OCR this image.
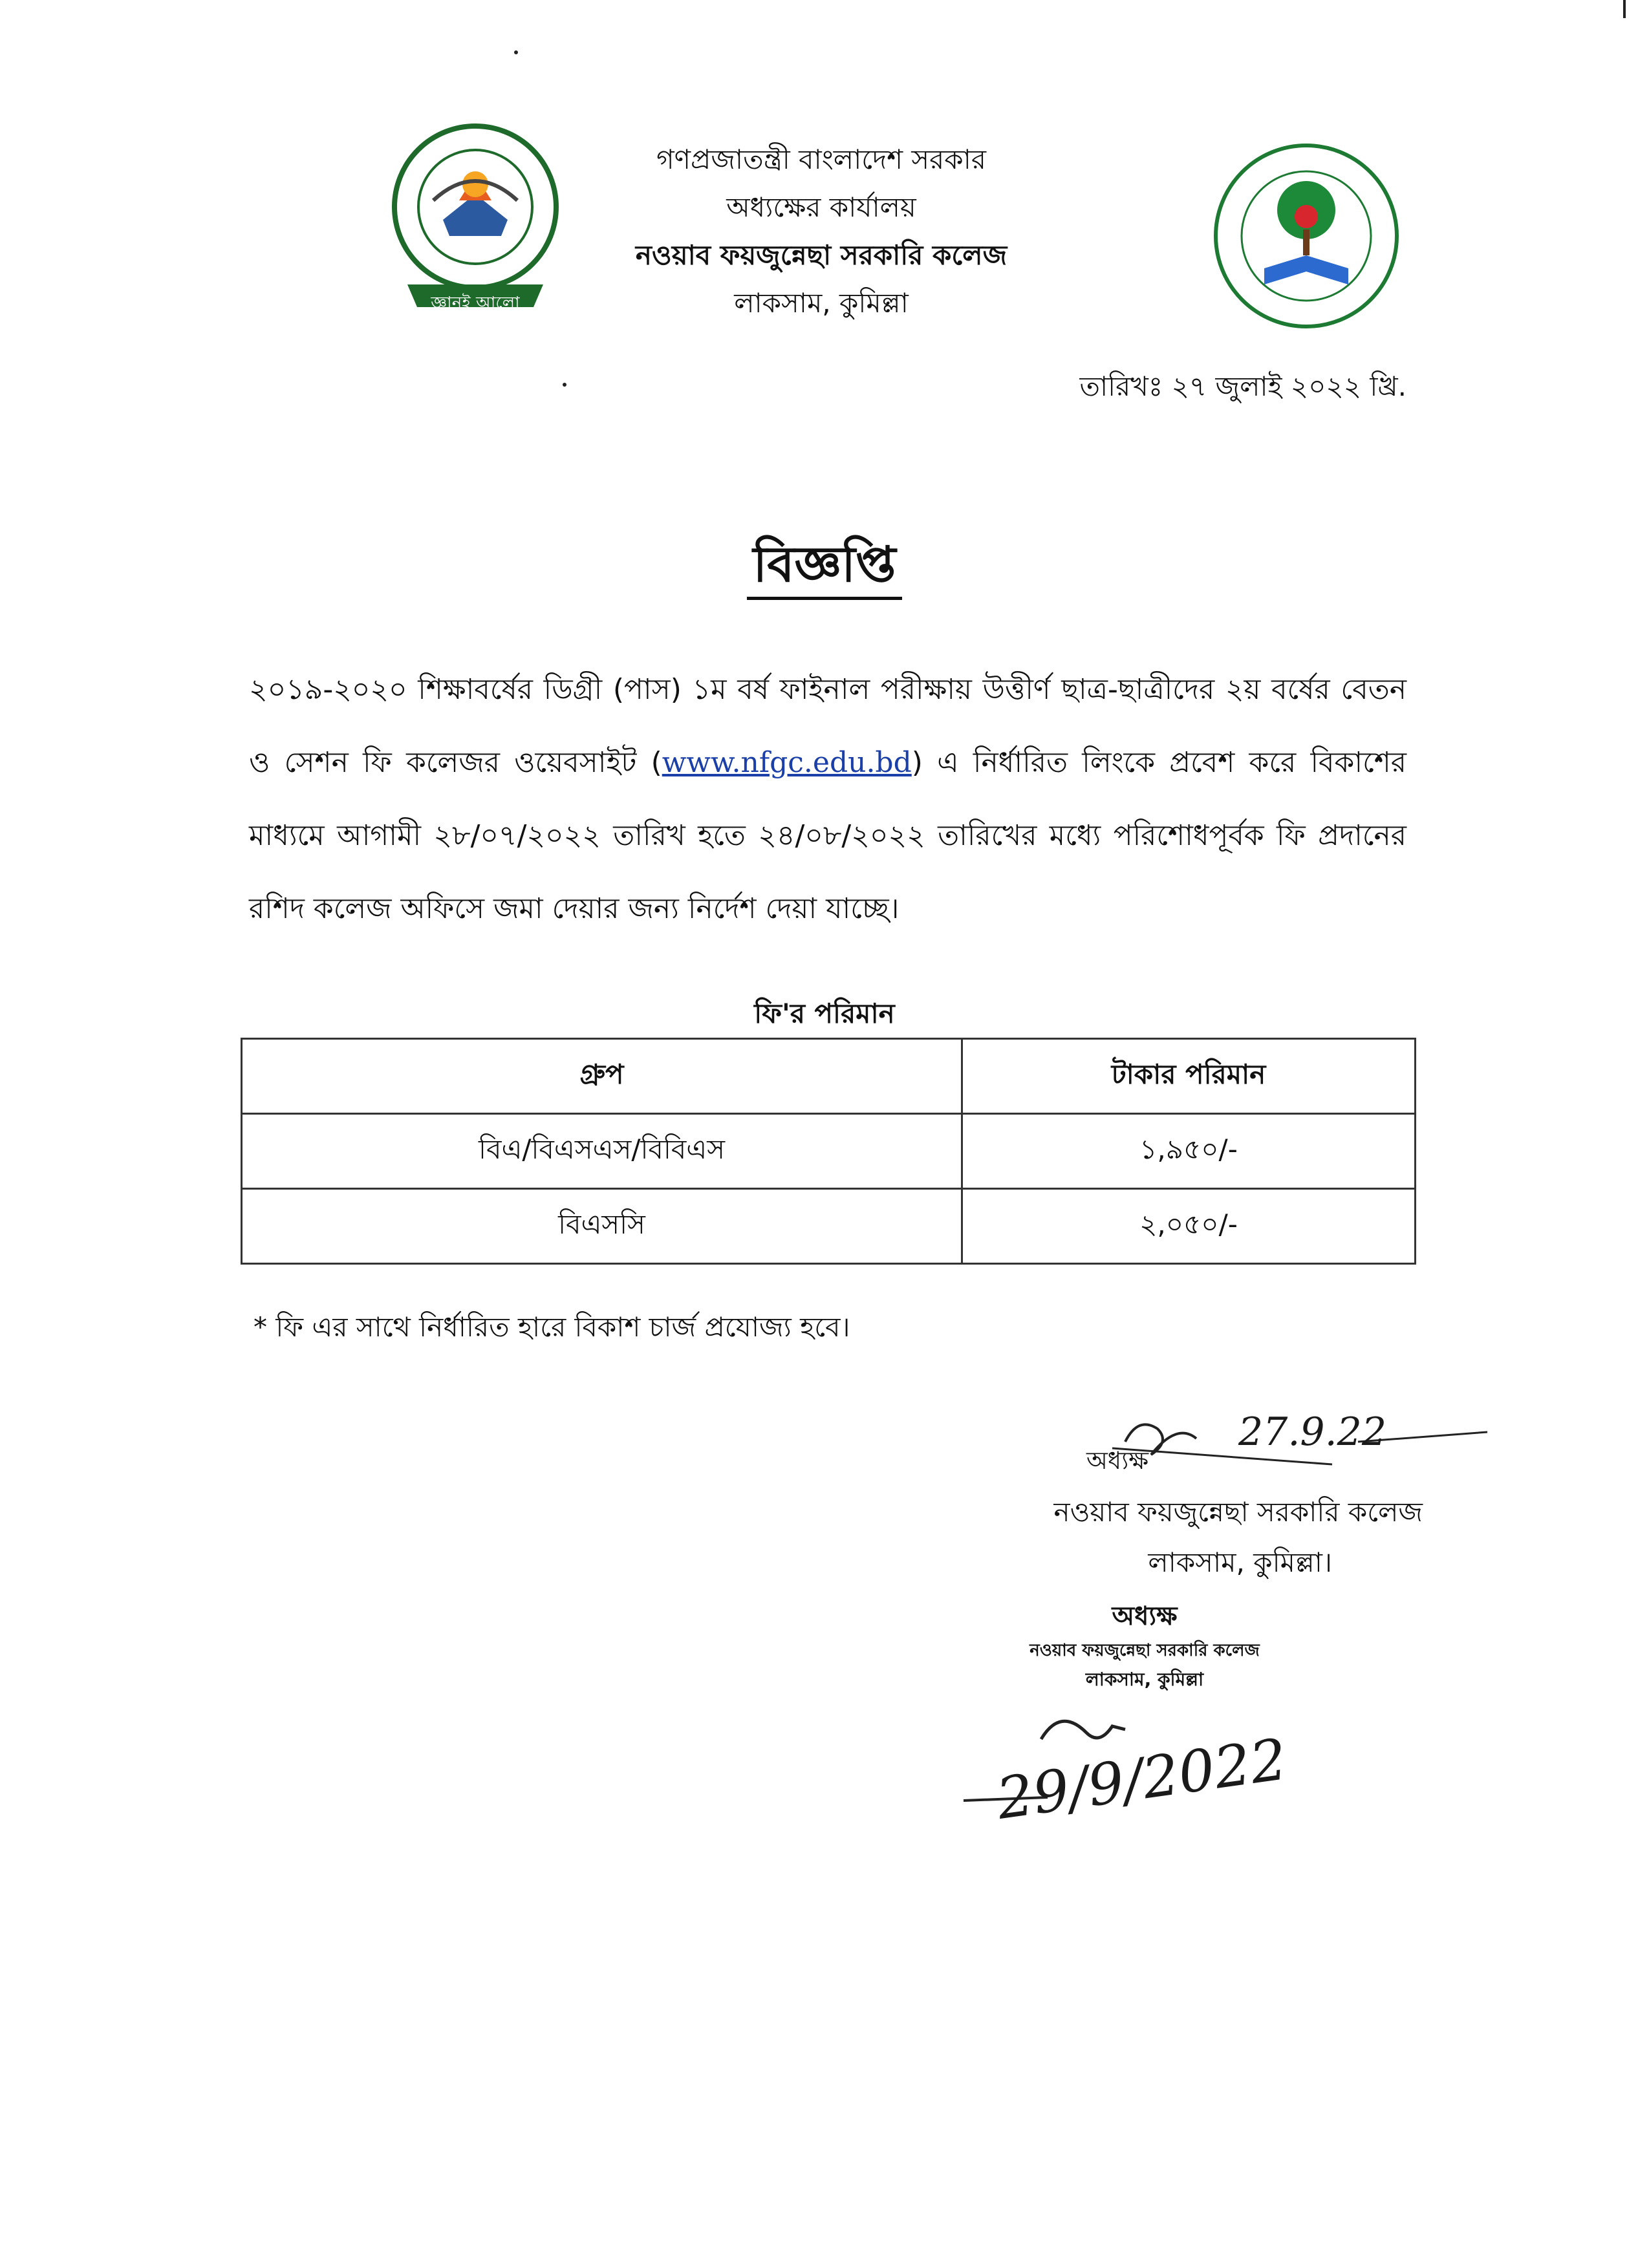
জ্ঞানই আলো
গণপ্রজাতন্ত্রী বাংলাদেশ সরকার
অধ্যক্ষের কার্যালয়
নওয়াব ফয়জুন্নেছা সরকারি কলেজ
লাকসাম, কুমিল্লা
তারিখঃ ২৭ জুলাই ২০২২ খ্রি.
বিজ্ঞপ্তি
২০১৯-২০২০ শিক্ষাবর্ষের ডিগ্রী (পাস) ১ম বর্ষ ফাইনাল পরীক্ষায় উত্তীর্ণ ছাত্র-ছাত্রীদের ২য় বর্ষের বেতন ও সেশন ফি কলেজর ওয়েবসাইট (www.nfgc.edu.bd) এ নির্ধারিত লিংকে প্রবেশ করে বিকাশের মাধ্যমে আগামী ২৮/০৭/২০২২ তারিখ হতে ২৪/০৮/২০২২ তারিখের মধ্যে পরিশোধপূর্বক ফি প্রদানের রশিদ কলেজ অফিসে জমা দেয়ার জন্য নির্দেশ দেয়া যাচ্ছে।
ফি'র পরিমান
গ্রুপ	টাকার পরিমান
বিএ/বিএসএস/বিবিএস	১,৯৫০/-
বিএসসি	২,০৫০/-
* ফি এর সাথে নির্ধারিত হারে বিকাশ চার্জ প্রযোজ্য হবে।
27.9.22
অধ্যক্ষ
নওয়াব ফয়জুন্নেছা সরকারি কলেজ
লাকসাম, কুমিল্লা।
অধ্যক্ষ
নওয়াব ফয়জুন্নেছা সরকারি কলেজ
লাকসাম, কুমিল্লা
29/9/2022
